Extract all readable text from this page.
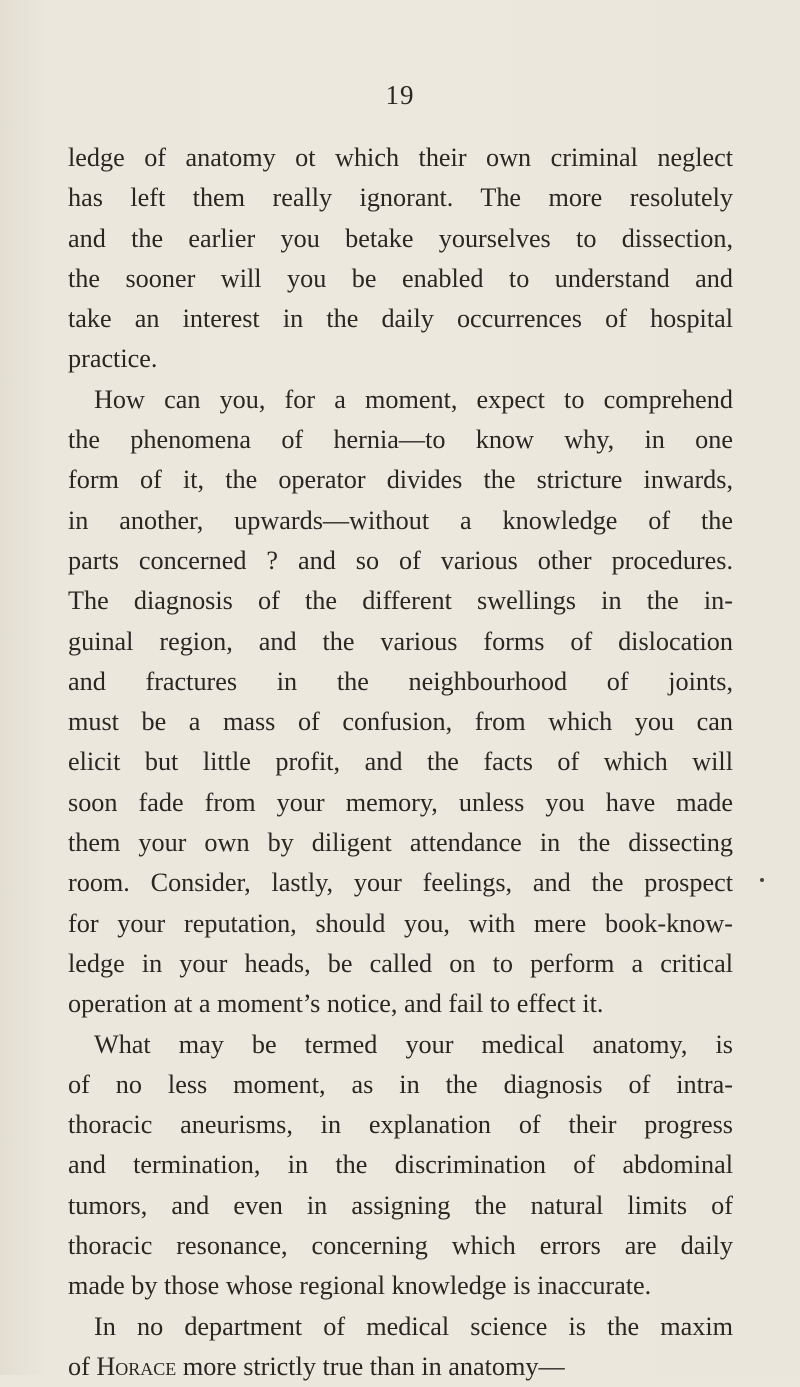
19
ledge of anatomy ot which their own criminal neglect
has left them really ignorant. The more resolutely
and the earlier you betake yourselves to dissection,
the sooner will you be enabled to understand and
take an interest in the daily occurrences of hospital
practice.
How can you, for a moment, expect to comprehend
the phenomena of hernia—to know why, in one
form of it, the operator divides the stricture inwards,
in another, upwards—without a knowledge of the
parts concerned ? and so of various other procedures.
The diagnosis of the different swellings in the in-
guinal region, and the various forms of dislocation
and fractures in the neighbourhood of joints,
must be a mass of confusion, from which you can
elicit but little profit, and the facts of which will
soon fade from your memory, unless you have made
them your own by diligent attendance in the dissecting
room. Consider, lastly, your feelings, and the prospect
for your reputation, should you, with mere book-know-
ledge in your heads, be called on to perform a critical
operation at a moment’s notice, and fail to effect it.
What may be termed your medical anatomy, is
of no less moment, as in the diagnosis of intra-
thoracic aneurisms, in explanation of their progress
and termination, in the discrimination of abdominal
tumors, and even in assigning the natural limits of
thoracic resonance, concerning which errors are daily
made by those whose regional knowledge is inaccurate.
In no department of medical science is the maxim
of Horace more strictly true than in anatomy—
